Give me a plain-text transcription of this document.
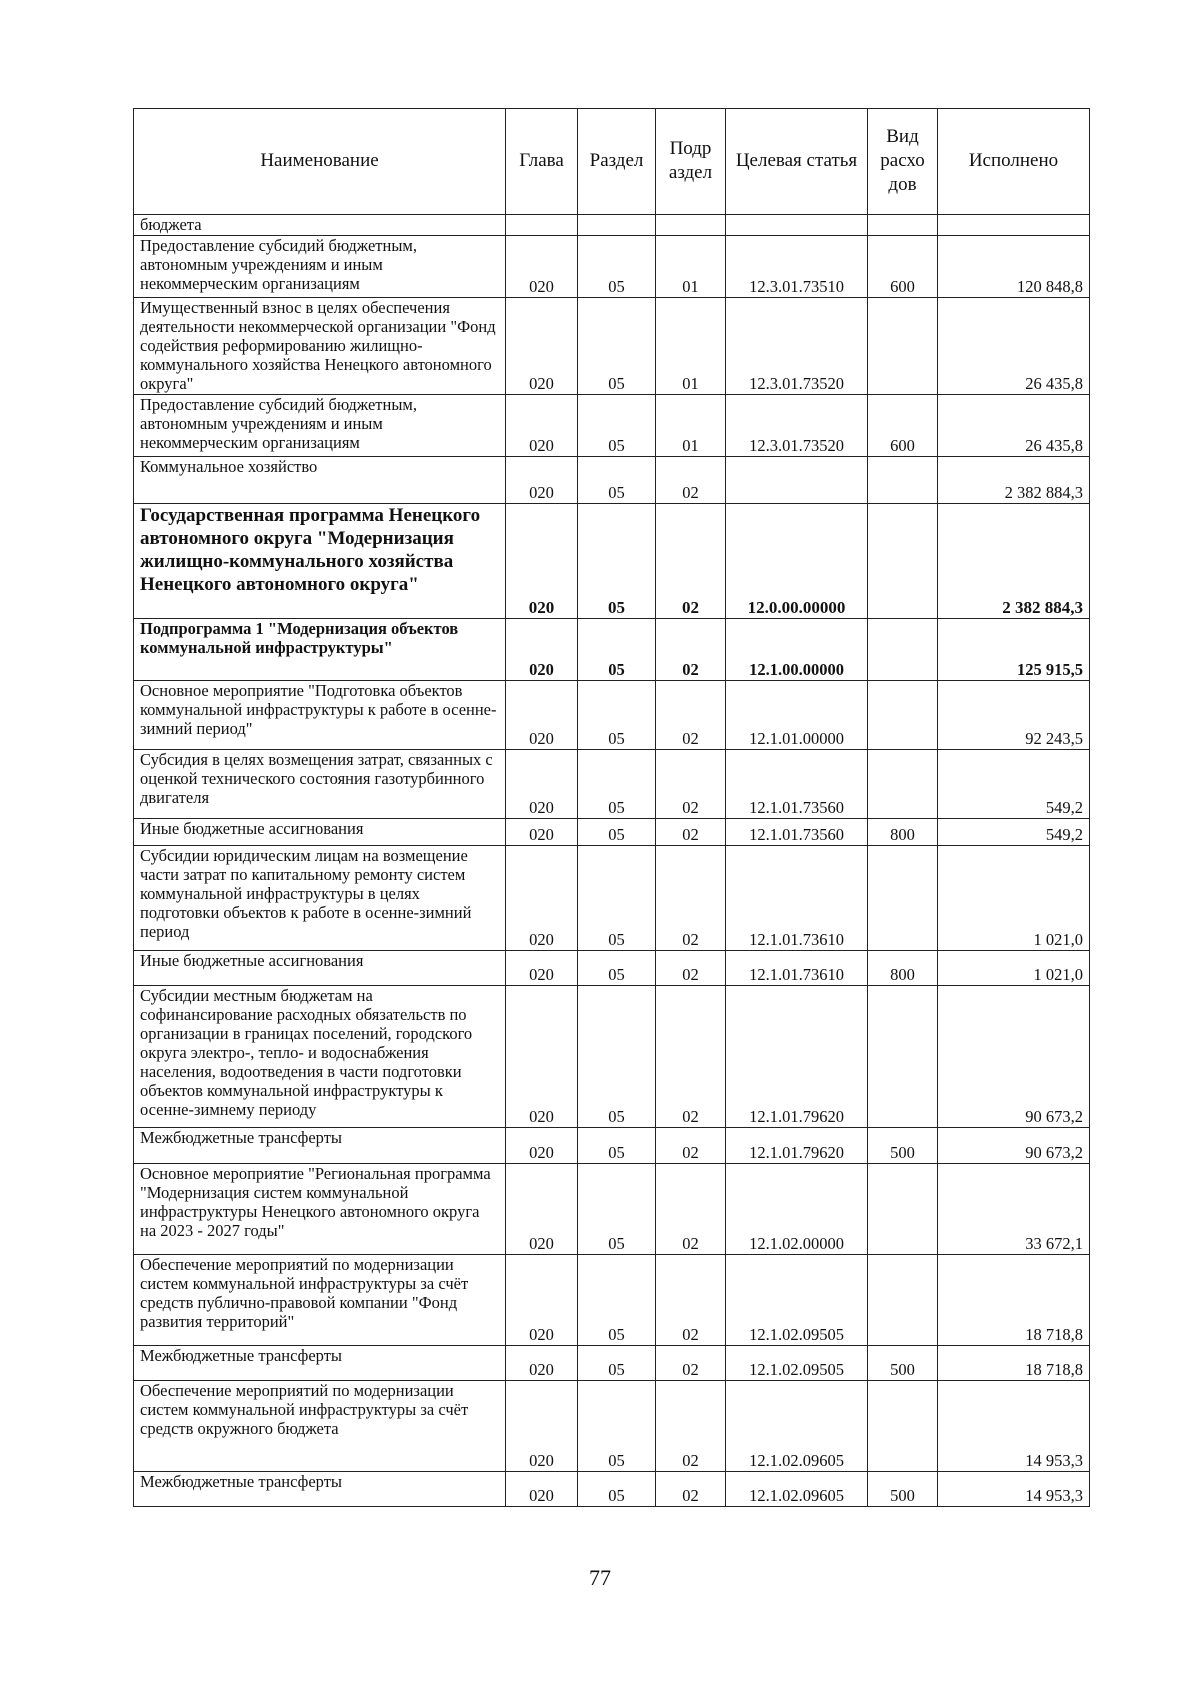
Наименование	Глава	Раздел	Подр аздел	Целевая статья	Вид расхо дов	Исполнено
бюджета						
Предоставление субсидий бюджетным, автономным учреждениям и иным некоммерческим организациям	020	05	01	12.3.01.73510	600	120 848,8
Имущественный взнос в целях обеспечения деятельности некоммерческой организации "Фонд содействия реформированию жилищно-коммунального хозяйства Ненецкого автономного округа"	020	05	01	12.3.01.73520		26 435,8
Предоставление субсидий бюджетным, автономным учреждениям и иным некоммерческим организациям	020	05	01	12.3.01.73520	600	26 435,8
Коммунальное хозяйство	020	05	02			2 382 884,3
Государственная программа Ненецкого автономного округа "Модернизация жилищно-коммунального хозяйства Ненецкого автономного округа"	020	05	02	12.0.00.00000		2 382 884,3
Подпрограмма 1 "Модернизация объектов коммунальной инфраструктуры"	020	05	02	12.1.00.00000		125 915,5
Основное мероприятие "Подготовка объектов коммунальной инфраструктуры к работе в осенне-зимний период"	020	05	02	12.1.01.00000		92 243,5
Субсидия в целях возмещения затрат, связанных с оценкой технического состояния газотурбинного двигателя	020	05	02	12.1.01.73560		549,2
Иные бюджетные ассигнования	020	05	02	12.1.01.73560	800	549,2
Субсидии юридическим лицам на возмещение части затрат по капитальному ремонту систем коммунальной инфраструктуры в целях подготовки объектов к работе в осенне-зимний период	020	05	02	12.1.01.73610		1 021,0
Иные бюджетные ассигнования	020	05	02	12.1.01.73610	800	1 021,0
Субсидии местным бюджетам на софинансирование расходных обязательств по организации в границах поселений, городского округа электро-, тепло- и водоснабжения населения, водоотведения в части подготовки объектов коммунальной инфраструктуры к осенне-зимнему периоду	020	05	02	12.1.01.79620		90 673,2
Межбюджетные трансферты	020	05	02	12.1.01.79620	500	90 673,2
Основное мероприятие "Региональная программа "Модернизация систем коммунальной инфраструктуры Ненецкого автономного округа на 2023 - 2027 годы"	020	05	02	12.1.02.00000		33 672,1
Обеспечение мероприятий по модернизации систем коммунальной инфраструктуры за счёт средств публично-правовой компании "Фонд развития территорий"	020	05	02	12.1.02.09505		18 718,8
Межбюджетные трансферты	020	05	02	12.1.02.09505	500	18 718,8
Обеспечение мероприятий по модернизации систем коммунальной инфраструктуры за счёт средств окружного бюджета	020	05	02	12.1.02.09605		14 953,3
Межбюджетные трансферты	020	05	02	12.1.02.09605	500	14 953,3
77
